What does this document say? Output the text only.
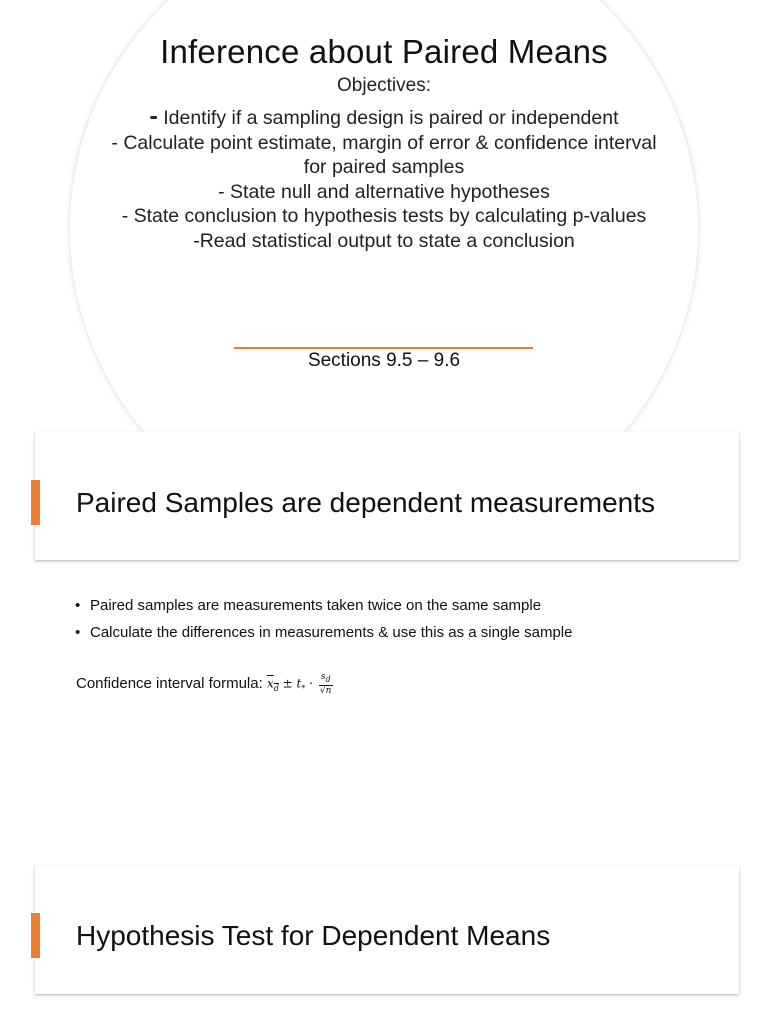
Inference about Paired Means
Objectives:
- Identify if a sampling design is paired or independent
- Calculate point estimate, margin of error & confidence interval for paired samples
- State null and alternative hypotheses
- State conclusion to hypothesis tests by calculating p-values
-Read statistical output to state a conclusion
Sections 9.5 – 9.6
Paired Samples are dependent measurements
• Paired samples are measurements taken twice on the same sample
• Calculate the differences in measurements & use this as a single sample
Confidence interval formula: $\overline{x}_{\overline{d}} \pm t_* \cdot \frac{s_d}{√n}$
Hypothesis Test for Dependent Means
